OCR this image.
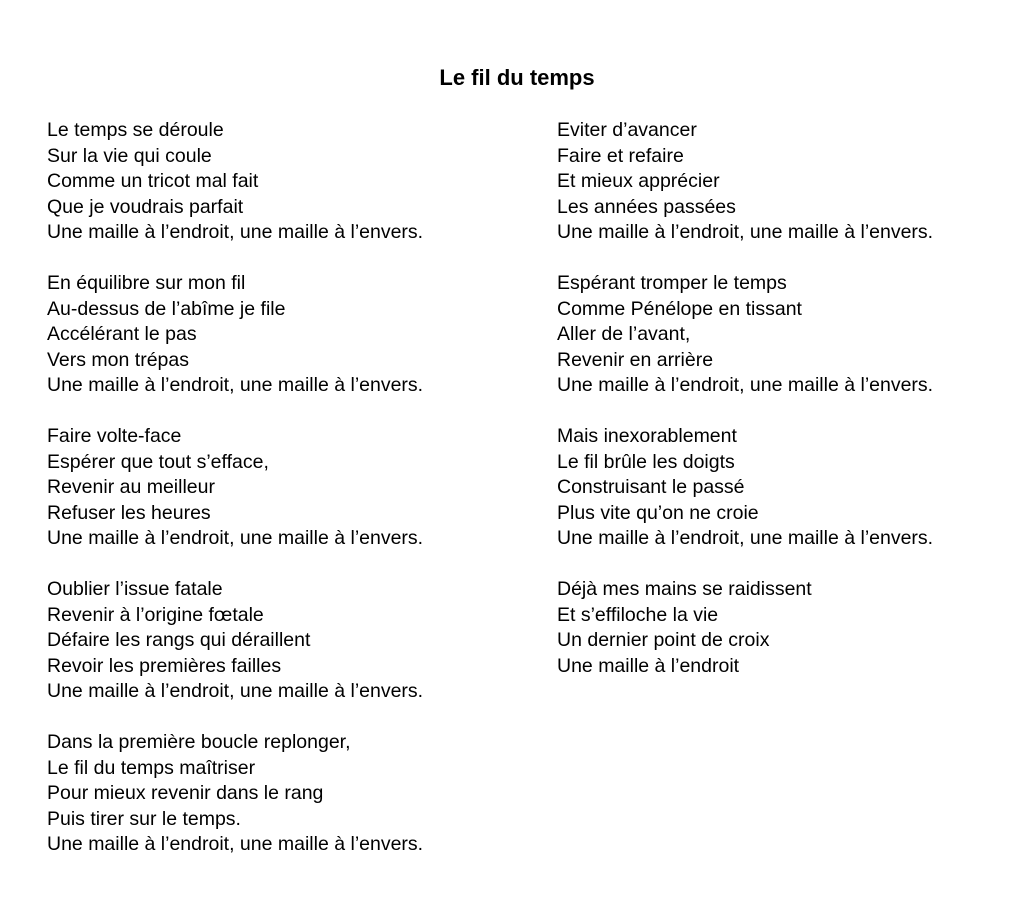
Le fil du temps
Le temps se déroule
Sur la vie qui coule
Comme un tricot mal fait
Que je voudrais parfait
Une maille à l’endroit, une maille à l’envers.
En équilibre sur mon fil
Au-dessus de l’abîme je file
Accélérant le pas
Vers mon trépas
Une maille à l’endroit, une maille à l’envers.
Faire volte-face
Espérer que tout s’efface,
Revenir au meilleur
Refuser les heures
Une maille à l’endroit, une maille à l’envers.
Oublier l’issue fatale
Revenir à l’origine fœtale
Défaire les rangs qui déraillent
Revoir les premières failles
Une maille à l’endroit, une maille à l’envers.
Dans la première boucle replonger,
Le fil du temps maîtriser
Pour mieux revenir dans le rang
Puis tirer sur le temps.
Une maille à l’endroit, une maille à l’envers.
Eviter d’avancer
Faire et refaire
Et mieux apprécier
Les années passées
Une maille à l’endroit, une maille à l’envers.
Espérant tromper le temps
Comme Pénélope en tissant
Aller de l’avant,
Revenir en arrière
Une maille à l’endroit, une maille à l’envers.
Mais inexorablement
Le fil brûle les doigts
Construisant le passé
Plus vite qu’on ne croie
Une maille à l’endroit, une maille à l’envers.
Déjà mes mains se raidissent
Et s’effiloche la vie
Un dernier point de croix
Une maille à l’endroit
